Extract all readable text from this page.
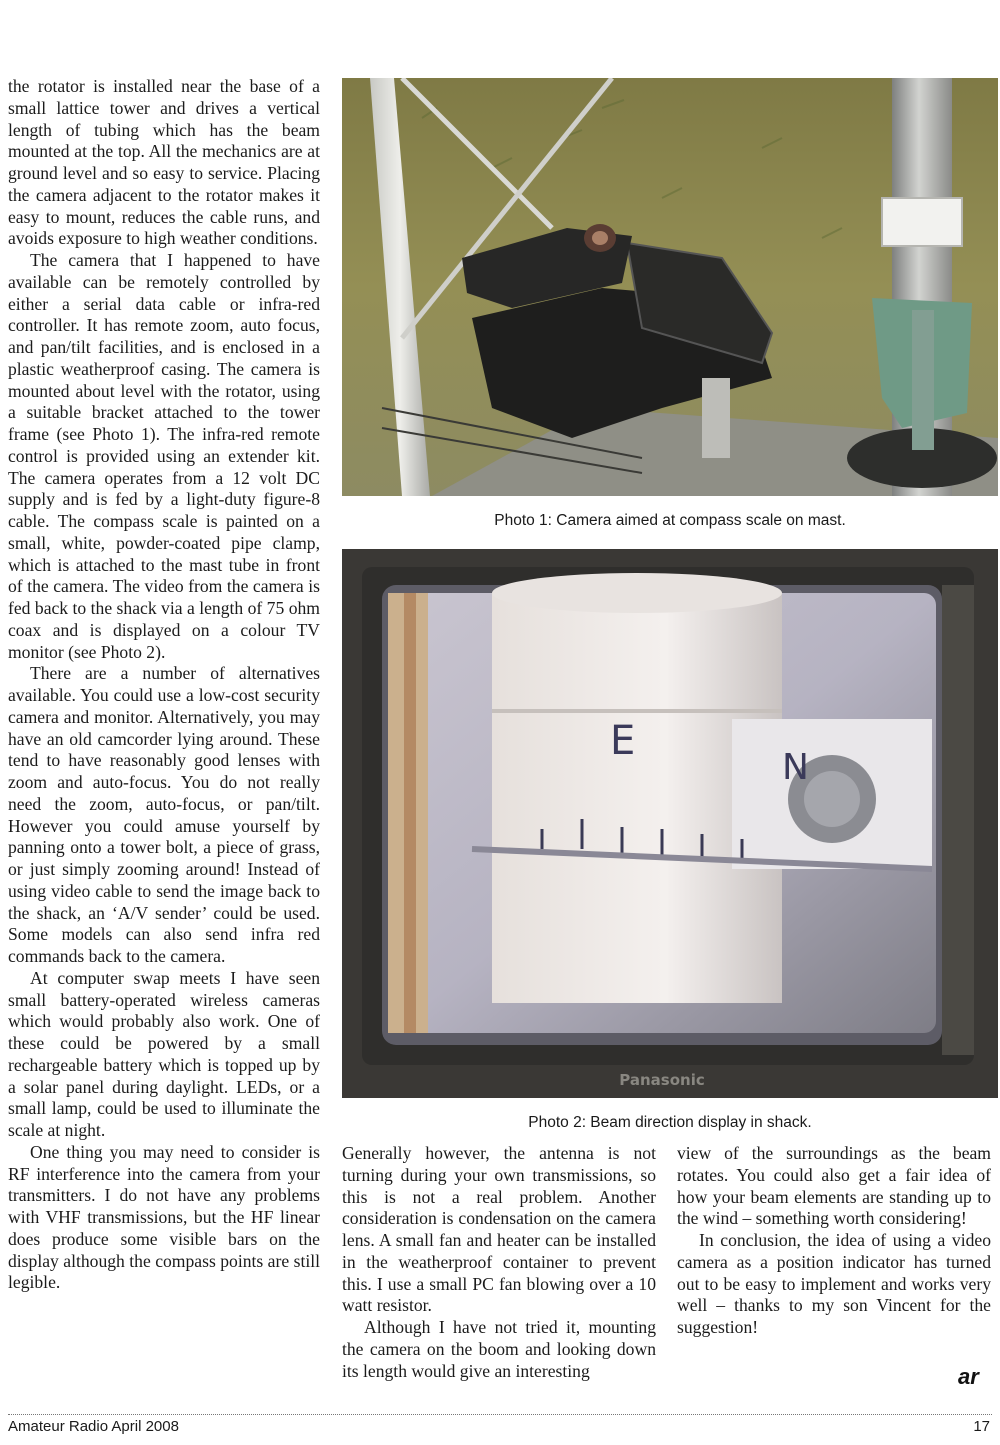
the rotator is installed near the base of a small lattice tower and drives a vertical length of tubing which has the beam mounted at the top. All the mechanics are at ground level and so easy to service. Placing the camera adjacent to the rotator makes it easy to mount, reduces the cable runs, and avoids exposure to high weather conditions.

The camera that I happened to have available can be remotely controlled by either a serial data cable or infra-red controller. It has remote zoom, auto focus, and pan/tilt facilities, and is enclosed in a plastic weatherproof casing. The camera is mounted about level with the rotator, using a suitable bracket attached to the tower frame (see Photo 1). The infra-red remote control is provided using an extender kit. The camera operates from a 12 volt DC supply and is fed by a light-duty figure-8 cable. The compass scale is painted on a small, white, powder-coated pipe clamp, which is attached to the mast tube in front of the camera. The video from the camera is fed back to the shack via a length of 75 ohm coax and is displayed on a colour TV monitor (see Photo 2).

There are a number of alternatives available. You could use a low-cost security camera and monitor. Alternatively, you may have an old camcorder lying around. These tend to have reasonably good lenses with zoom and auto-focus. You do not really need the zoom, auto-focus, or pan/tilt. However you could amuse yourself by panning onto a tower bolt, a piece of grass, or just simply zooming around! Instead of using video cable to send the image back to the shack, an ‘A/V sender’ could be used. Some models can also send infra red commands back to the camera.

At computer swap meets I have seen small battery-operated wireless cameras which would probably also work. One of these could be powered by a small rechargeable battery which is topped up by a solar panel during daylight. LEDs, or a small lamp, could be used to illuminate the scale at night.

One thing you may need to consider is RF interference into the camera from your transmitters. I do not have any problems with VHF transmissions, but the HF linear does produce some visible bars on the display although the compass points are still legible.

Photo 1: Camera aimed at compass scale on mast.
E
N
Panasonic
Photo 2: Beam direction display in shack.

Generally however, the antenna is not turning during your own transmissions, so this is not a real problem. Another consideration is condensation on the camera lens. A small fan and heater can be installed in the weatherproof container to prevent this. I use a small PC fan blowing over a 10 watt resistor.

Although I have not tried it, mounting the camera on the boom and looking down its length would give an interesting

view of the surroundings as the beam rotates. You could also get a fair idea of how your beam elements are standing up to the wind – something worth considering!

In conclusion, the idea of using a video camera as a position indicator has turned out to be easy to implement and works very well – thanks to my son Vincent for the suggestion!

ar
Amateur Radio April 2008	17
